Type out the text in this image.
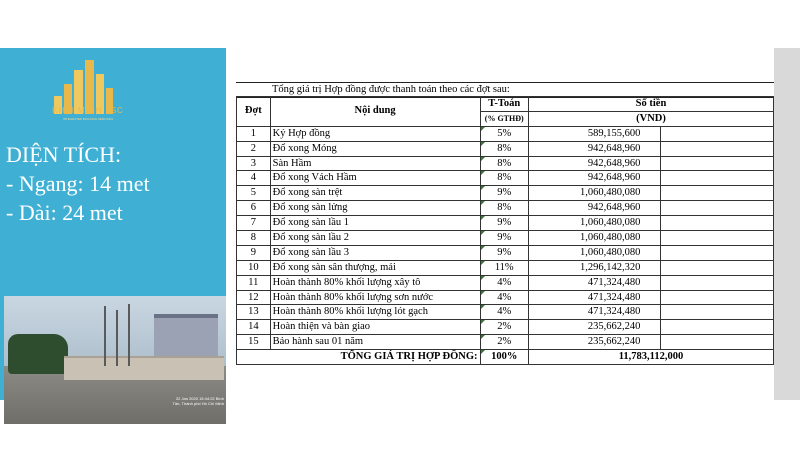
KHAI MINH JSC
INTEGRATED BUILDING SERVICES
DIỆN TÍCH:
- Ngang: 14 met
- Dài: 24 met
22 Jan 2020 15:44:22 Bình Tân, Thành phố Hồ Chí Minh
Tổng giá trị Hợp đồng được thanh toán theo các đợt sau:
Đợt	Nội dung	T-Toán	Số tiền	
		(% GTHĐ)	(VND)	
1	Ký Hợp đồng	5%	589,155,600	
2	Đổ xong Móng	8%	942,648,960	
3	Sàn Hầm	8%	942,648,960	
4	Đổ xong Vách Hầm	8%	942,648,960	
5	Đổ xong sàn trệt	9%	1,060,480,080	
6	Đổ xong sàn lửng	8%	942,648,960	
7	Đổ xong sàn lầu 1	9%	1,060,480,080	
8	Đổ xong sàn lầu 2	9%	1,060,480,080	
9	Đổ xong sàn lầu 3	9%	1,060,480,080	
10	Đổ xong sàn sân thượng, mái	11%	1,296,142,320	
11	Hoàn thành 80% khối lượng xây tô	4%	471,324,480	
12	Hoàn thành 80% khối lượng sơn nước	4%	471,324,480	
13	Hoàn thành 80% khối lượng lót gạch	4%	471,324,480	
14	Hoàn thiện và bàn giao	2%	235,662,240	
15	Bảo hành sau 01 năm	2%	235,662,240	
TỔNG GIÁ TRỊ HỢP ĐỒNG:		100%	11,783,112,000	
